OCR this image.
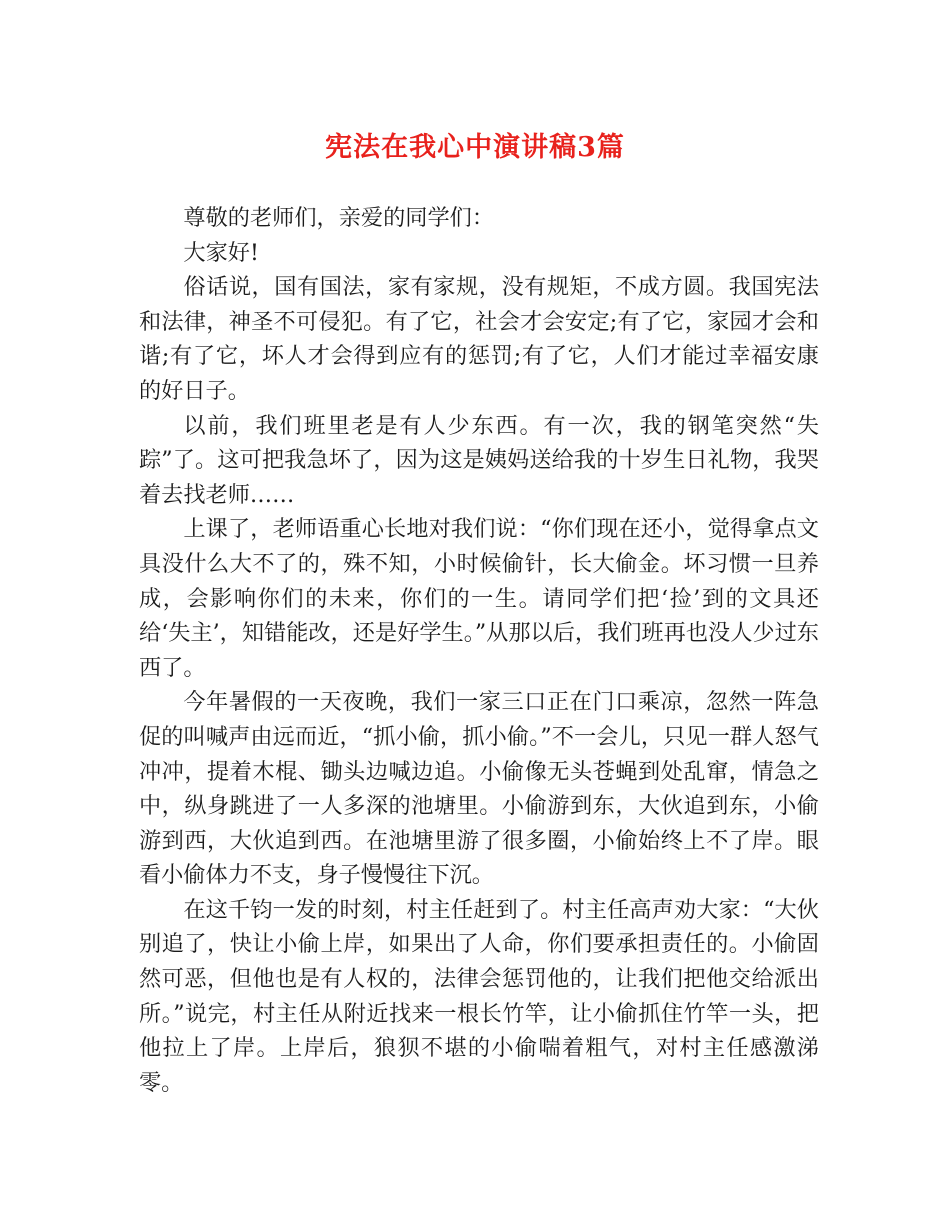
宪法在我心中演讲稿3篇

尊敬的老师们，亲爱的同学们：

大家好!

俗话说，国有国法，家有家规，没有规矩，不成方圆。我国宪法和法律，神圣不可侵犯。有了它，社会才会安定;有了它，家园才会和谐;有了它，坏人才会得到应有的惩罚;有了它，人们才能过幸福安康的好日子。

以前，我们班里老是有人少东西。有一次，我的钢笔突然“失踪”了。这可把我急坏了，因为这是姨妈送给我的十岁生日礼物，我哭着去找老师……

上课了，老师语重心长地对我们说：“你们现在还小，觉得拿点文具没什么大不了的，殊不知，小时候偷针，长大偷金。坏习惯一旦养成，会影响你们的未来，你们的一生。请同学们把‘捡’到的文具还给‘失主’，知错能改，还是好学生。”从那以后，我们班再也没人少过东西了。

今年暑假的一天夜晚，我们一家三口正在门口乘凉，忽然一阵急促的叫喊声由远而近，“抓小偷，抓小偷。”不一会儿，只见一群人怒气冲冲，提着木棍、锄头边喊边追。小偷像无头苍蝇到处乱窜，情急之中，纵身跳进了一人多深的池塘里。小偷游到东，大伙追到东，小偷游到西，大伙追到西。在池塘里游了很多圈，小偷始终上不了岸。眼看小偷体力不支，身子慢慢往下沉。

在这千钧一发的时刻，村主任赶到了。村主任高声劝大家：“大伙别追了，快让小偷上岸，如果出了人命，你们要承担责任的。小偷固然可恶，但他也是有人权的，法律会惩罚他的，让我们把他交给派出所。”说完，村主任从附近找来一根长竹竿，让小偷抓住竹竿一头，把他拉上了岸。上岸后，狼狈不堪的小偷喘着粗气，对村主任感激涕零。
